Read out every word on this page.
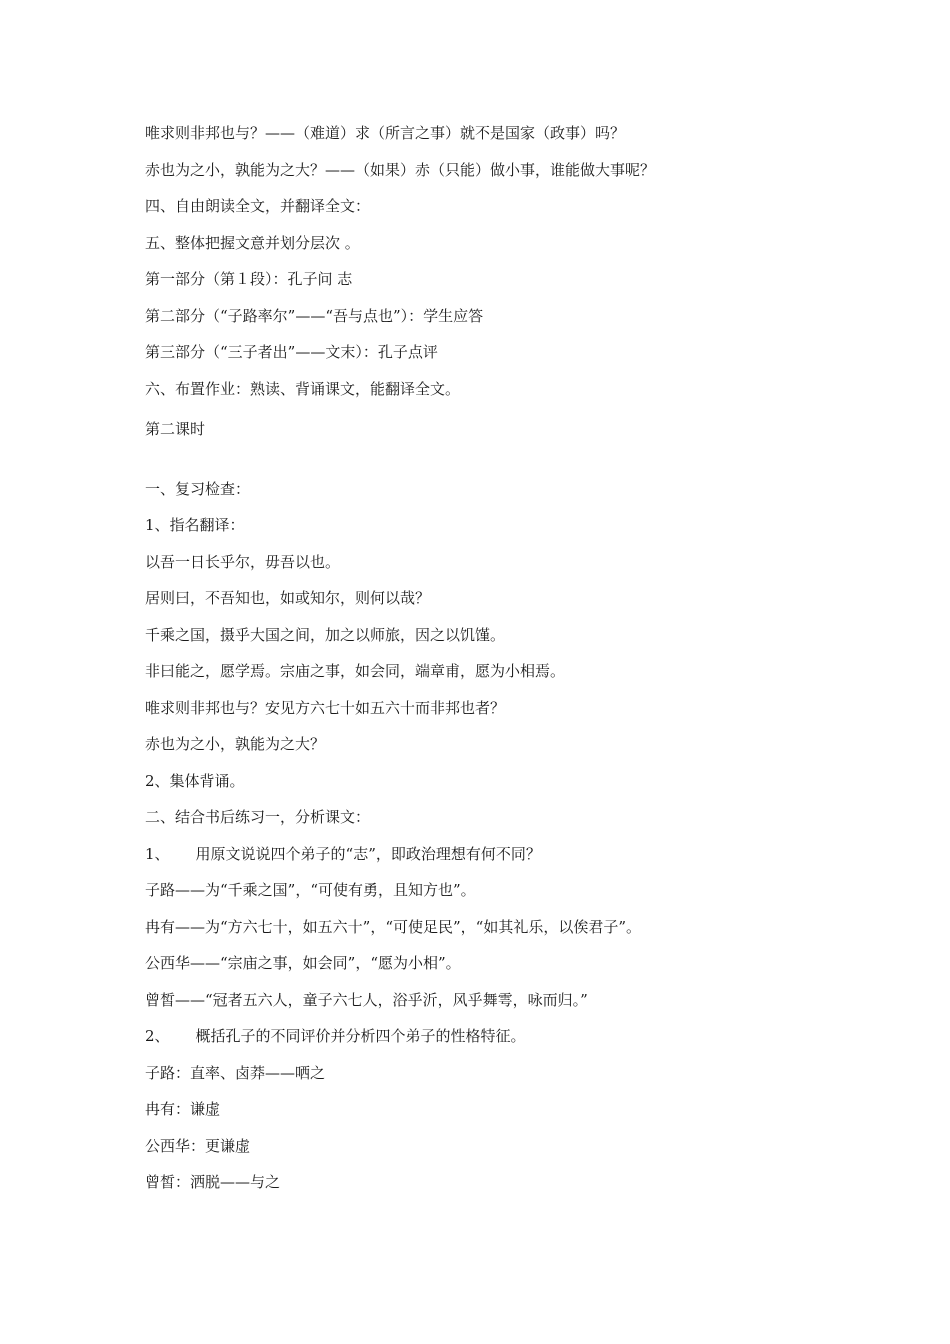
唯求则非邦也与？——（难道）求（所言之事）就不是国家（政事）吗？
赤也为之小，孰能为之大？——（如果）赤（只能）做小事，谁能做大事呢？
四、自由朗读全文，并翻译全文：
五、整体把握文意并划分层次 。
第一部分（第１段）：孔子问 志
第二部分（“子路率尔”——“吾与点也”）：学生应答
第三部分（“三子者出”——文末）：孔子点评
六、布置作业：熟读、背诵课文，能翻译全文。
第二课时
一、复习检查：
1、指名翻译：
以吾一日长乎尔，毋吾以也。
居则曰，不吾知也，如或知尔，则何以哉？
千乘之国，摄乎大国之间，加之以师旅，因之以饥馑。
非曰能之，愿学焉。宗庙之事，如会同，端章甫，愿为小相焉。
唯求则非邦也与？安见方六七十如五六十而非邦也者？
赤也为之小，孰能为之大？
2、集体背诵。
二、结合书后练习一，分析课文：
1、 用原文说说四个弟子的“志”，即政治理想有何不同？
子路——为“千乘之国”，“可使有勇，且知方也”。
冉有——为“方六七十，如五六十”，“可使足民”，“如其礼乐，以俟君子”。
公西华——“宗庙之事，如会同”，“愿为小相”。
曾皙——“冠者五六人，童子六七人，浴乎沂，风乎舞雩，咏而归。”
2、 概括孔子的不同评价并分析四个弟子的性格特征。
子路：直率、卤莽——哂之
冉有：谦虚
公西华：更谦虚
曾皙：洒脱——与之
